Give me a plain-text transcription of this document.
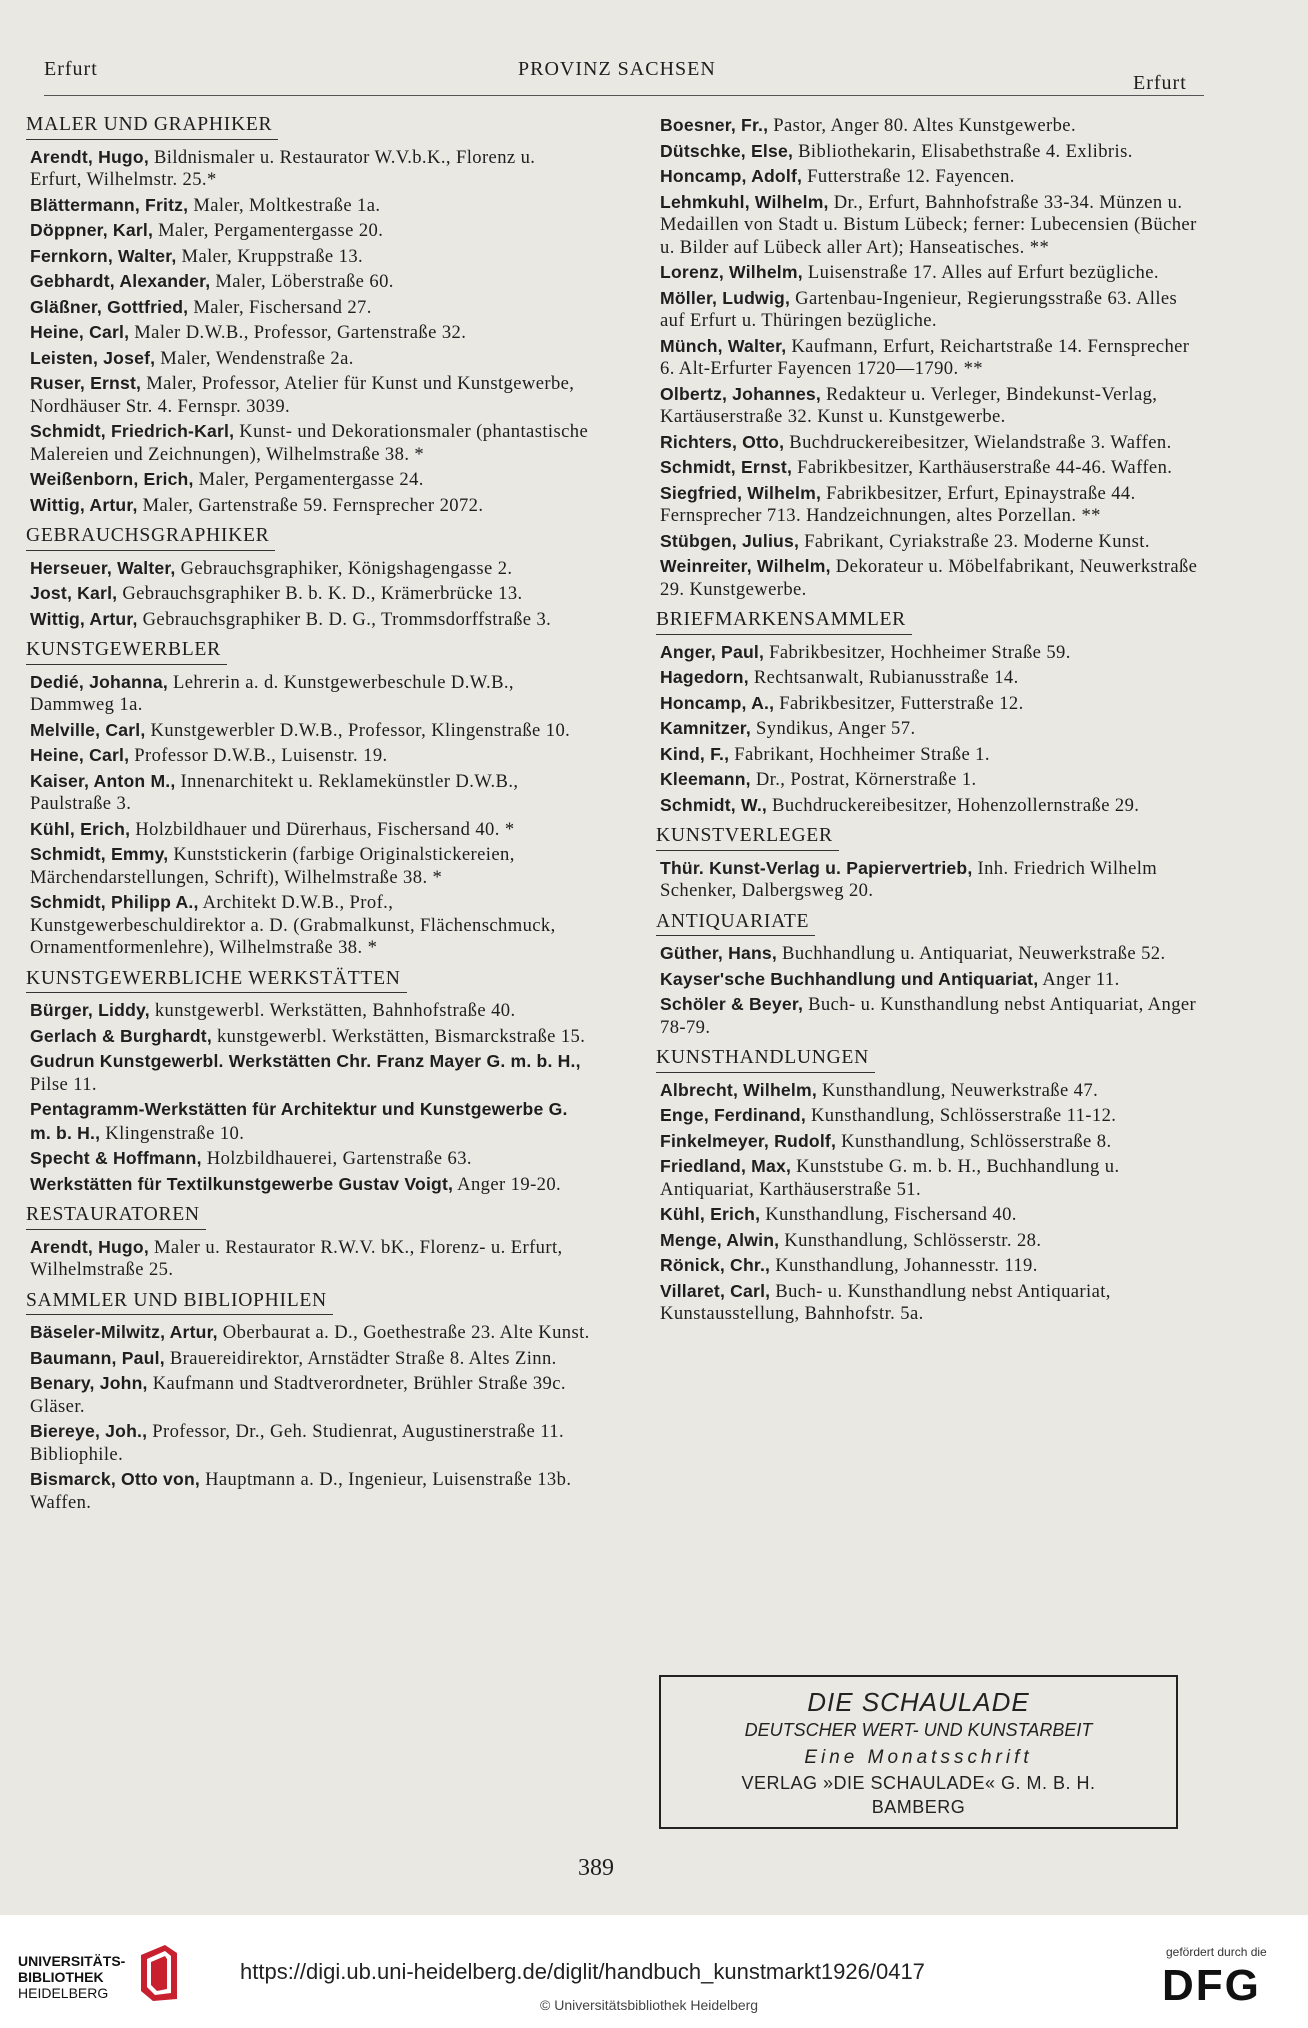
Erfurt	PROVINZ SACHSEN
Erfurt
MALER UND GRAPHIKER
Arendt, Hugo, Bildnismaler u. Restaurator W.V.b.K., Florenz u. Erfurt, Wilhelmstr. 25.*
Blättermann, Fritz, Maler, Moltkestraße 1a.
Döppner, Karl, Maler, Pergamentergasse 20.
Fernkorn, Walter, Maler, Kruppstraße 13.
Gebhardt, Alexander, Maler, Löberstraße 60.
Gläßner, Gottfried, Maler, Fischersand 27.
Heine, Carl, Maler D.W.B., Professor, Gartenstraße 32.
Leisten, Josef, Maler, Wendenstraße 2a.
Ruser, Ernst, Maler, Professor, Atelier für Kunst und Kunstgewerbe, Nordhäuser Str. 4. Fernspr. 3039.
Schmidt, Friedrich-Karl, Kunst- und Dekorationsmaler (phantastische Malereien und Zeichnungen), Wilhelmstraße 38. *
Weißenborn, Erich, Maler, Pergamentergasse 24.
Wittig, Artur, Maler, Gartenstraße 59. Fernsprecher 2072.
GEBRAUCHSGRAPHIKER
Herseuer, Walter, Gebrauchsgraphiker, Königshagengasse 2.
Jost, Karl, Gebrauchsgraphiker B. b. K. D., Krämerbrücke 13.
Wittig, Artur, Gebrauchsgraphiker B. D. G., Trommsdorffstraße 3.
KUNSTGEWERBLER
Dedié, Johanna, Lehrerin a. d. Kunstgewerbeschule D.W.B., Dammweg 1a.
Melville, Carl, Kunstgewerbler D.W.B., Professor, Klingenstraße 10.
Heine, Carl, Professor D.W.B., Luisenstr. 19.
Kaiser, Anton M., Innenarchitekt u. Reklamekünstler D.W.B., Paulstraße 3.
Kühl, Erich, Holzbildhauer und Dürerhaus, Fischersand 40. *
Schmidt, Emmy, Kunststickerin (farbige Originalstickereien, Märchendarstellungen, Schrift), Wilhelmstraße 38. *
Schmidt, Philipp A., Architekt D.W.B., Prof., Kunstgewerbeschuldirektor a. D. (Grabmalkunst, Flächenschmuck, Ornamentformenlehre), Wilhelmstraße 38. *
KUNSTGEWERBLICHE WERKSTÄTTEN
Bürger, Liddy, kunstgewerbl. Werkstätten, Bahnhofstraße 40.
Gerlach & Burghardt, kunstgewerbl. Werkstätten, Bismarckstraße 15.
Gudrun Kunstgewerbl. Werkstätten Chr. Franz Mayer G. m. b. H., Pilse 11.
Pentagramm-Werkstätten für Architektur und Kunstgewerbe G. m. b. H., Klingenstraße 10.
Specht & Hoffmann, Holzbildhauerei, Gartenstraße 63.
Werkstätten für Textilkunstgewerbe Gustav Voigt, Anger 19-20.
RESTAURATOREN
Arendt, Hugo, Maler u. Restaurator R.W.V. bK., Florenz- u. Erfurt, Wilhelmstraße 25.
SAMMLER UND BIBLIOPHILEN
Bäseler-Milwitz, Artur, Oberbaurat a. D., Goethestraße 23. Alte Kunst.
Baumann, Paul, Brauereidirektor, Arnstädter Straße 8. Altes Zinn.
Benary, John, Kaufmann und Stadtverordneter, Brühler Straße 39c. Gläser.
Biereye, Joh., Professor, Dr., Geh. Studienrat, Augustinerstraße 11. Bibliophile.
Bismarck, Otto von, Hauptmann a. D., Ingenieur, Luisenstraße 13b. Waffen.
Boesner, Fr., Pastor, Anger 80. Altes Kunstgewerbe.
Dütschke, Else, Bibliothekarin, Elisabethstraße 4. Exlibris.
Honcamp, Adolf, Futterstraße 12. Fayencen.
Lehmkuhl, Wilhelm, Dr., Erfurt, Bahnhofstraße 33-34. Münzen u. Medaillen von Stadt u. Bistum Lübeck; ferner: Lubecensien (Bücher u. Bilder auf Lübeck aller Art); Hanseatisches. **
Lorenz, Wilhelm, Luisenstraße 17. Alles auf Erfurt bezügliche.
Möller, Ludwig, Gartenbau-Ingenieur, Regierungsstraße 63. Alles auf Erfurt u. Thüringen bezügliche.
Münch, Walter, Kaufmann, Erfurt, Reichartstraße 14. Fernsprecher 6. Alt-Erfurter Fayencen 1720—1790. **
Olbertz, Johannes, Redakteur u. Verleger, Bindekunst-Verlag, Kartäuserstraße 32. Kunst u. Kunstgewerbe.
Richters, Otto, Buchdruckereibesitzer, Wielandstraße 3. Waffen.
Schmidt, Ernst, Fabrikbesitzer, Karthäuserstraße 44-46. Waffen.
Siegfried, Wilhelm, Fabrikbesitzer, Erfurt, Epinaystraße 44. Fernsprecher 713. Handzeichnungen, altes Porzellan. **
Stübgen, Julius, Fabrikant, Cyriakstraße 23. Moderne Kunst.
Weinreiter, Wilhelm, Dekorateur u. Möbelfabrikant, Neuwerkstraße 29. Kunstgewerbe.
BRIEFMARKENSAMMLER
Anger, Paul, Fabrikbesitzer, Hochheimer Straße 59.
Hagedorn, Rechtsanwalt, Rubianusstraße 14.
Honcamp, A., Fabrikbesitzer, Futterstraße 12.
Kamnitzer, Syndikus, Anger 57.
Kind, F., Fabrikant, Hochheimer Straße 1.
Kleemann, Dr., Postrat, Körnerstraße 1.
Schmidt, W., Buchdruckereibesitzer, Hohenzollernstraße 29.
KUNSTVERLEGER
Thür. Kunst-Verlag u. Papiervertrieb, Inh. Friedrich Wilhelm Schenker, Dalbergsweg 20.
ANTIQUARIATE
Güther, Hans, Buchhandlung u. Antiquariat, Neuwerkstraße 52.
Kayser'sche Buchhandlung und Antiquariat, Anger 11.
Schöler & Beyer, Buch- u. Kunsthandlung nebst Antiquariat, Anger 78-79.
KUNSTHANDLUNGEN
Albrecht, Wilhelm, Kunsthandlung, Neuwerkstraße 47.
Enge, Ferdinand, Kunsthandlung, Schlösserstraße 11-12.
Finkelmeyer, Rudolf, Kunsthandlung, Schlösserstraße 8.
Friedland, Max, Kunststube G. m. b. H., Buchhandlung u. Antiquariat, Karthäuserstraße 51.
Kühl, Erich, Kunsthandlung, Fischersand 40.
Menge, Alwin, Kunsthandlung, Schlösserstr. 28.
Rönick, Chr., Kunsthandlung, Johannesstr. 119.
Villaret, Carl, Buch- u. Kunsthandlung nebst Antiquariat, Kunstausstellung, Bahnhofstr. 5a.
DIE SCHAULADE
DEUTSCHER WERT- UND KUNSTARBEIT
Eine Monatsschrift
VERLAG »DIE SCHAULADE« G. M. B. H.
BAMBERG
389
UNIVERSITÄTS-
BIBLIOTHEK
HEIDELBERG
https://digi.ub.uni-heidelberg.de/diglit/handbuch_kunstmarkt1926/0417
© Universitätsbibliothek Heidelberg
gefördert durch die
DFG
